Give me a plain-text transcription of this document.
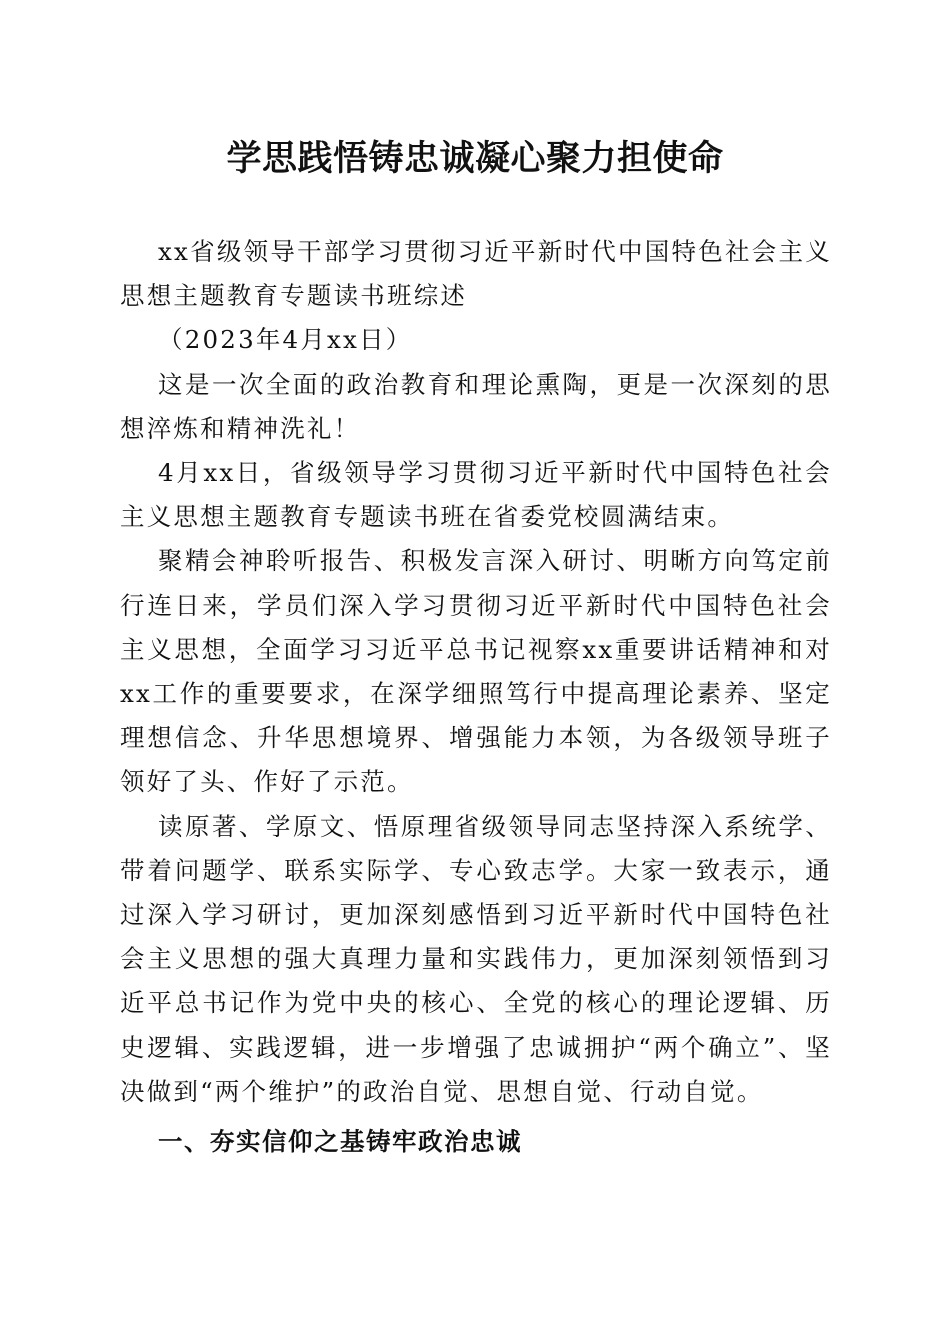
学思践悟铸忠诚凝心聚力担使命

xx省级领导干部学习贯彻习近平新时代中国特色社会主义思想主题教育专题读书班综述

（2023年4月xx日）

这是一次全面的政治教育和理论熏陶，更是一次深刻的思想淬炼和精神洗礼！

4月xx日，省级领导学习贯彻习近平新时代中国特色社会主义思想主题教育专题读书班在省委党校圆满结束。

聚精会神聆听报告、积极发言深入研讨、明晰方向笃定前行连日来，学员们深入学习贯彻习近平新时代中国特色社会主义思想，全面学习习近平总书记视察xx重要讲话精神和对xx工作的重要要求，在深学细照笃行中提高理论素养、坚定理想信念、升华思想境界、增强能力本领，为各级领导班子领好了头、作好了示范。

读原著、学原文、悟原理省级领导同志坚持深入系统学、带着问题学、联系实际学、专心致志学。大家一致表示，通过深入学习研讨，更加深刻感悟到习近平新时代中国特色社会主义思想的强大真理力量和实践伟力，更加深刻领悟到习近平总书记作为党中央的核心、全党的核心的理论逻辑、历史逻辑、实践逻辑，进一步增强了忠诚拥护“两个确立”、坚决做到“两个维护”的政治自觉、思想自觉、行动自觉。

一、夯实信仰之基铸牢政治忠诚
